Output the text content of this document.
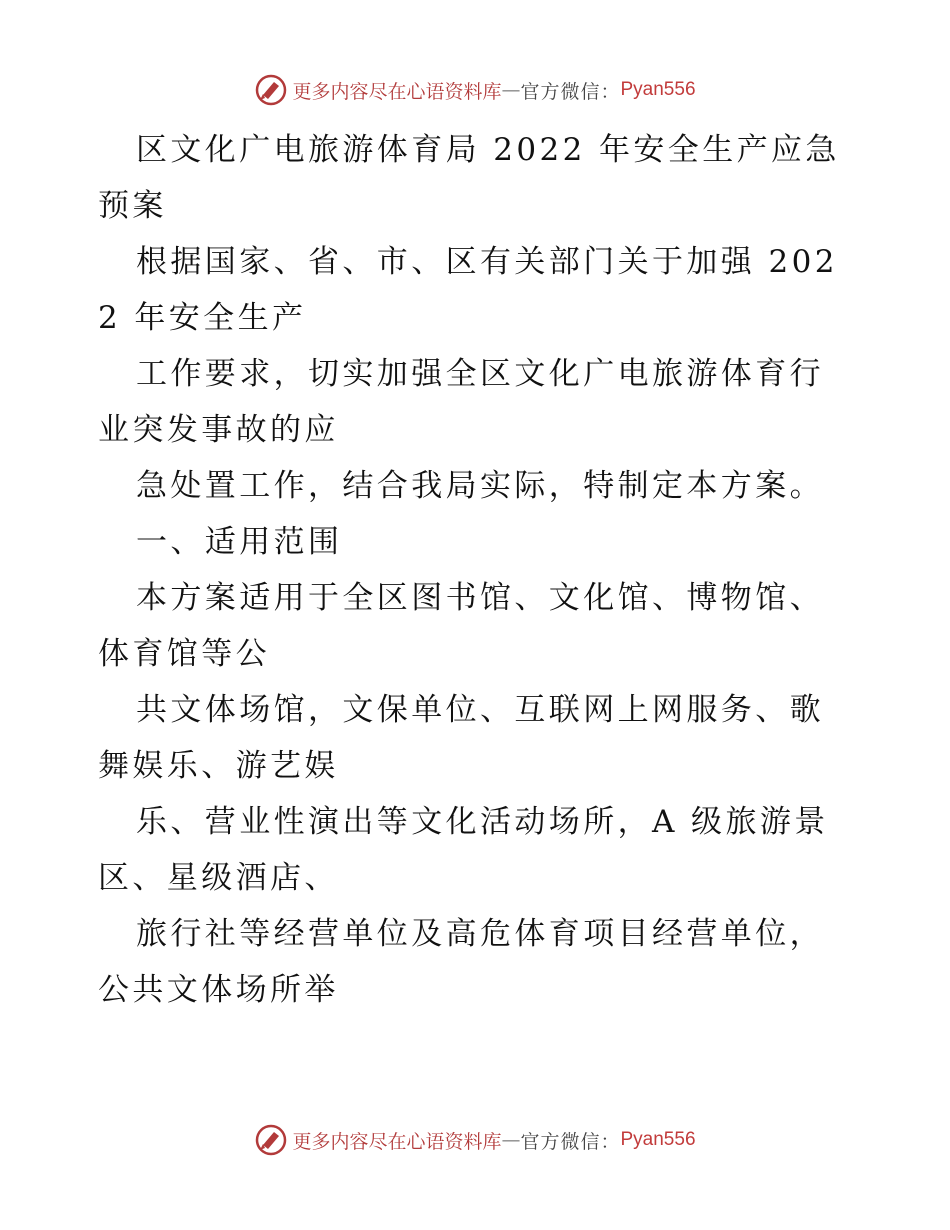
更多内容尽在心语资料库 — 官方微信： Pyan556

区文化广电旅游体育局 2022 年安全生产应急预案

根据国家、省、市、区有关部门关于加强 2022 年安全生产

工作要求，切实加强全区文化广电旅游体育行业突发事故的应

急处置工作，结合我局实际，特制定本方案。

一、适用范围

本方案适用于全区图书馆、文化馆、博物馆、体育馆等公

共文体场馆，文保单位、互联网上网服务、歌舞娱乐、游艺娱

乐、营业性演出等文化活动场所，A 级旅游景区、星级酒店、

旅行社等经营单位及高危体育项目经营单位，公共文体场所举

更多内容尽在心语资料库 — 官方微信： Pyan556
